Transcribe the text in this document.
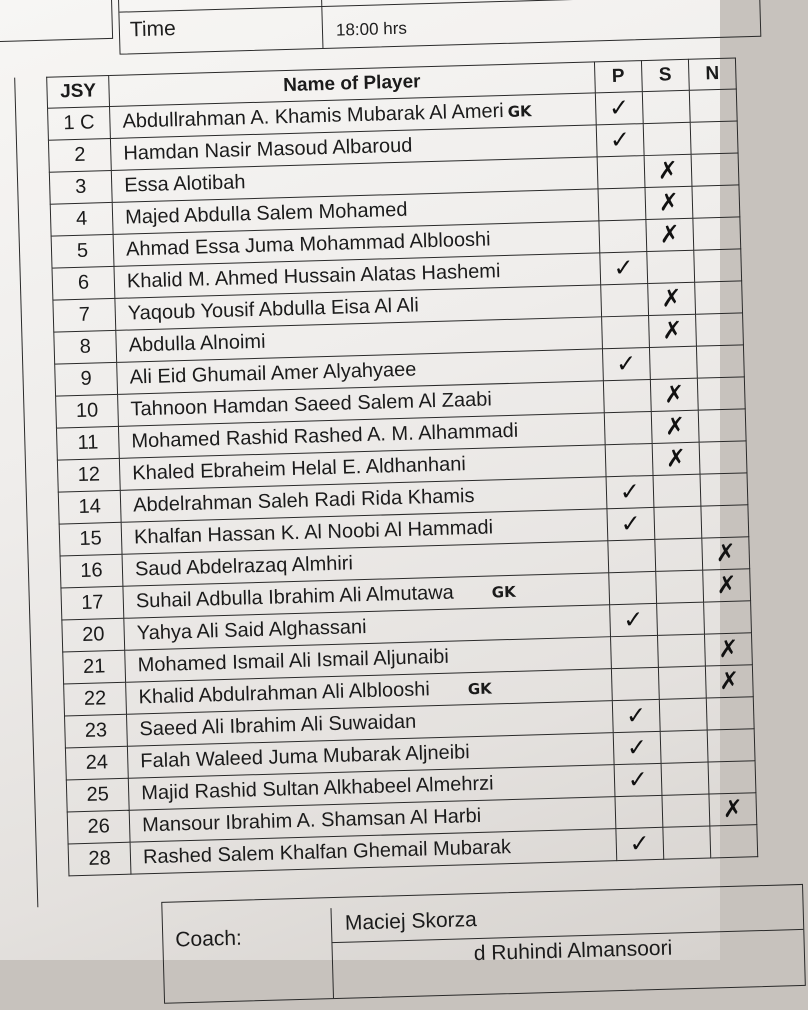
Time	18:00 hrs
JSY	Name of Player	P	S	N
1 C	Abdullrahman A. Khamis Mubarak Al Ameri GK	✓		
2	Hamdan Nasir Masoud Albaroud	✓		
3	Essa Alotibah		✗	
4	Majed Abdulla Salem Mohamed		✗	
5	Ahmad Essa Juma Mohammad Alblooshi		✗	
6	Khalid M. Ahmed Hussain Alatas Hashemi	✓		
7	Yaqoub Yousif Abdulla Eisa Al Ali		✗	
8	Abdulla Alnoimi		✗	
9	Ali Eid Ghumail Amer Alyahyaee	✓		
10	Tahnoon Hamdan Saeed Salem Al Zaabi		✗	
11	Mohamed Rashid Rashed A. M. Alhammadi		✗	
12	Khaled Ebraheim Helal E. Aldhanhani		✗	
14	Abdelrahman Saleh Radi Rida Khamis	✓		
15	Khalfan Hassan K. Al Noobi Al Hammadi	✓		
16	Saud Abdelrazaq Almhiri			✗
17	Suhail Adbulla Ibrahim Ali Almutawa GK			✗
20	Yahya Ali Said Alghassani	✓		
21	Mohamed Ismail Ali Ismail Aljunaibi			✗
22	Khalid Abdulrahman Ali Alblooshi GK			✗
23	Saeed Ali Ibrahim Ali Suwaidan	✓		
24	Falah Waleed Juma Mubarak Aljneibi	✓		
25	Majid Rashid Sultan Alkhabeel Almehrzi	✓		
26	Mansour Ibrahim A. Shamsan Al Harbi			✗
28	Rashed Salem Khalfan Ghemail Mubarak	✓		
Coach:
Maciej Skorza
d Ruhindi Almansoori
